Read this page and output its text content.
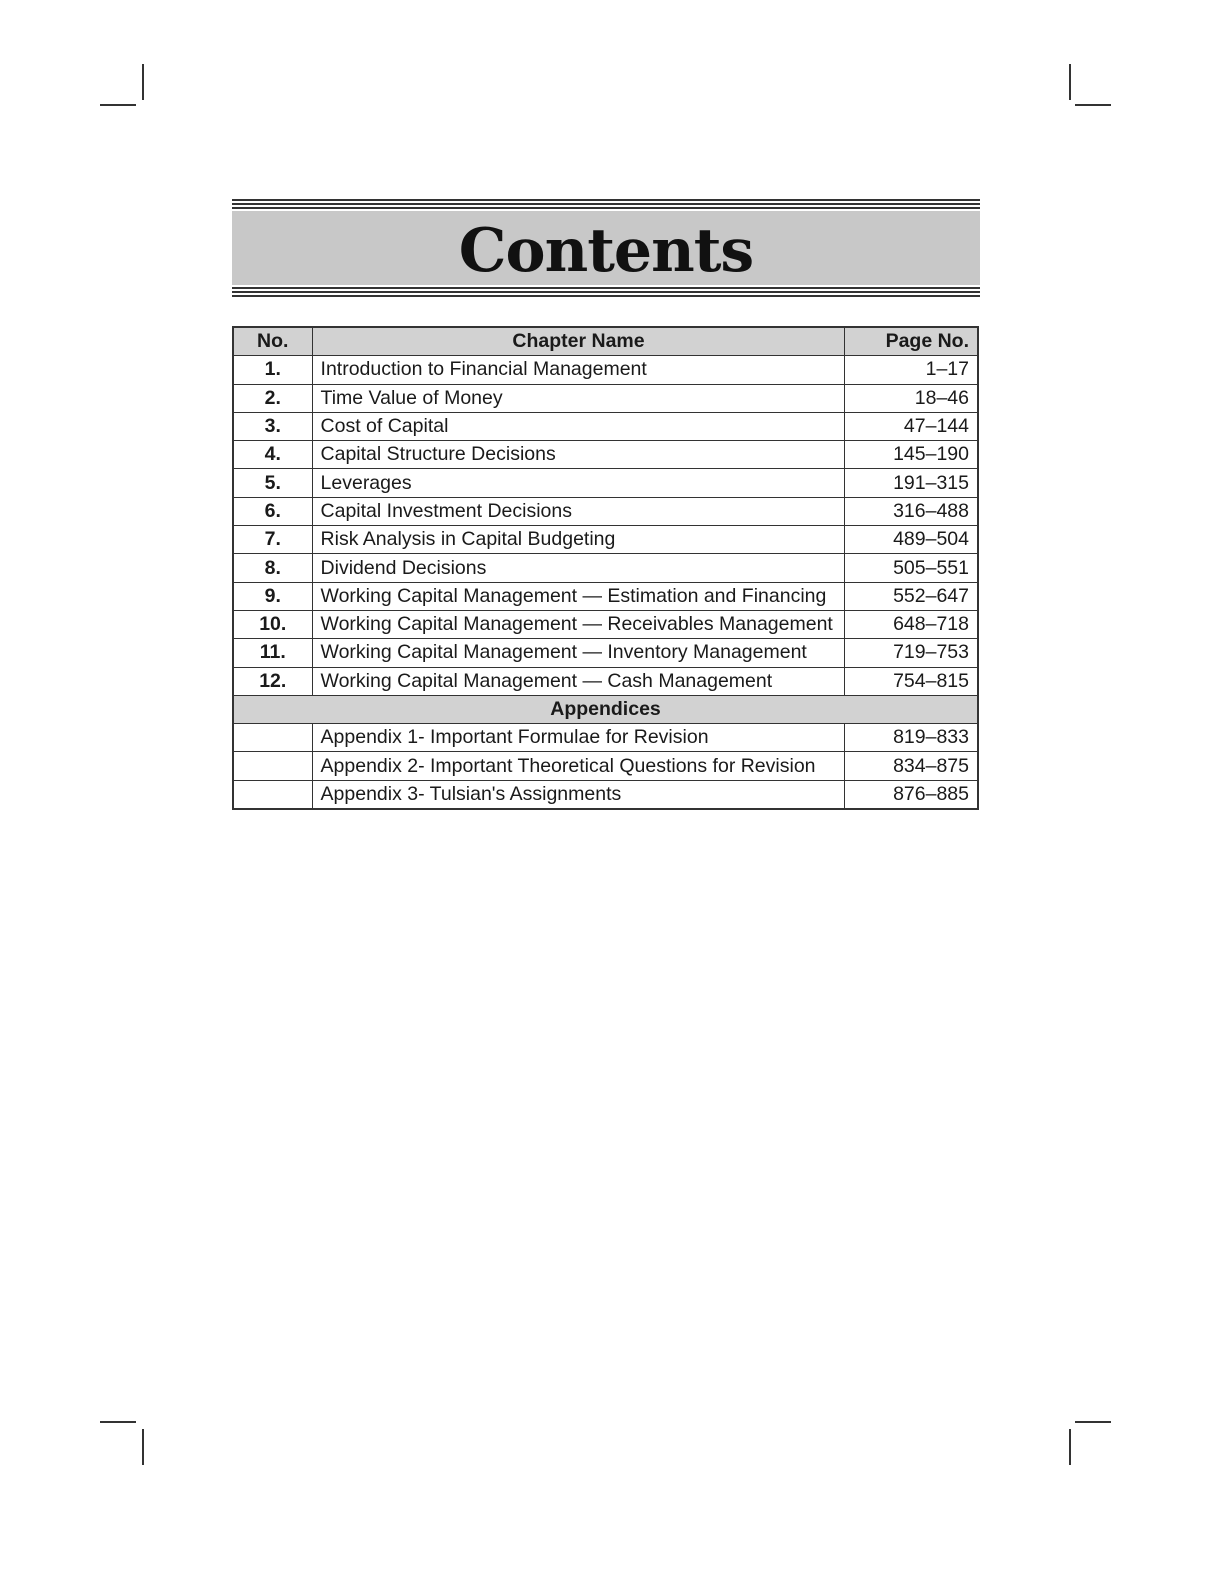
Contents
No.	Chapter Name	Page No.
1.	Introduction to Financial Management	1–17
2.	Time Value of Money	18–46
3.	Cost of Capital	47–144
4.	Capital Structure Decisions	145–190
5.	Leverages	191–315
6.	Capital Investment Decisions	316–488
7.	Risk Analysis in Capital Budgeting	489–504
8.	Dividend Decisions	505–551
9.	Working Capital Management — Estimation and Financing	552–647
10.	Working Capital Management — Receivables Management	648–718
11.	Working Capital Management — Inventory Management	719–753
12.	Working Capital Management — Cash Management	754–815
Appendices		
	Appendix 1- Important Formulae for Revision	819–833
	Appendix 2- Important Theoretical Questions for Revision	834–875
	Appendix 3- Tulsian's Assignments	876–885
